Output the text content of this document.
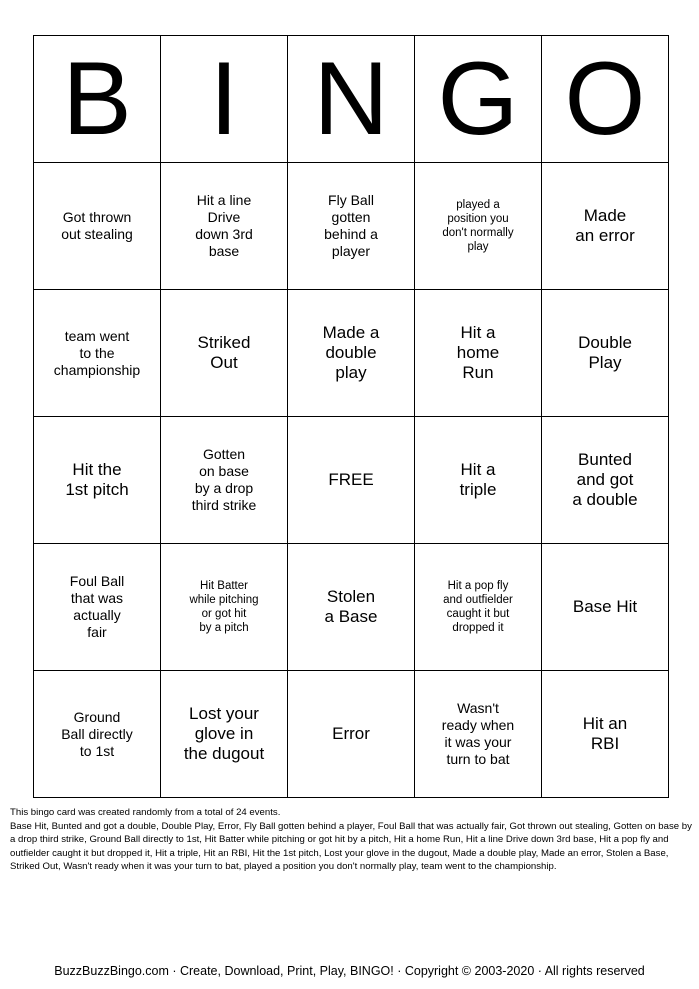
B	I	N	G	O

Got thrown
out stealing	Hit a line
Drive
down 3rd
base	Fly Ball
gotten
behind a
player	played a
position you
don't normally
play	Made
an error

team went
to the
championship	Striked
Out	Made a
double
play	Hit a
home
Run	Double
Play

Hit the
1st pitch	Gotten
on base
by a drop
third strike	FREE	Hit a
triple	Bunted
and got
a double

Foul Ball
that was
actually
fair	Hit Batter
while pitching
or got hit
by a pitch	Stolen
a Base	Hit a pop fly
and outfielder
caught it but
dropped it	Base Hit

Ground
Ball directly
to 1st	Lost your
glove in
the dugout	Error	Wasn't
ready when
it was your
turn to bat	Hit an
RBI

This bingo card was created randomly from a total of 24 events.

Base Hit, Bunted and got a double, Double Play, Error, Fly Ball gotten behind a player, Foul Ball that was actually fair, Got thrown out stealing, Gotten on base by a drop third strike, Ground Ball directly to 1st, Hit Batter while pitching or got hit by a pitch, Hit a home Run, Hit a line Drive down 3rd base, Hit a pop fly and outfielder caught it but dropped it, Hit a triple, Hit an RBI, Hit the 1st pitch, Lost your glove in the dugout, Made a double play, Made an error, Stolen a Base, Striked Out, Wasn't ready when it was your turn to bat, played a position you don't normally play, team went to the championship.

BuzzBuzzBingo.com · Create, Download, Print, Play, BINGO! · Copyright © 2003-2020 · All rights reserved
